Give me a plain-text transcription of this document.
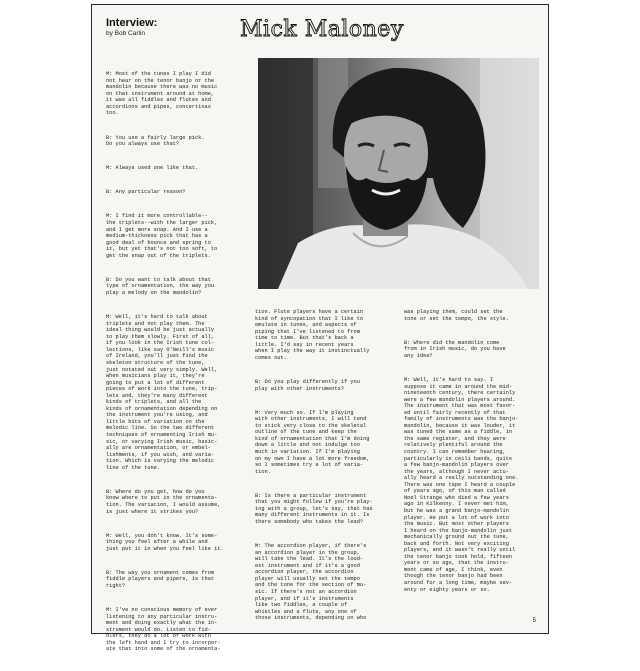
Interview:
by Bob Carlin	Mick Maloney

M: Most of the tunes I play I did
not hear on the tenor banjo or the
mandolin because there was no music
on that instrument around at home,
it was all fiddles and flutes and
accordions and pipes, concertinas
too.

B: You use a fairly large pick.
Do you always use that?

M: Always used one like that.

B: Any particular reason?

M: I find it more controllable--
the triplets--with the larger pick,
and I get more snap. And I use a
medium-thickness pick that has a
good deal of bounce and spring to
it, but yet that's not too soft, to
get the snap out of the triplets.

B: Do you want to talk about that
type of ornamentation, the way you
play a melody on the mandolin?

M: Well, it's hard to talk about
triplets and not play them. The
ideal thing would be just actually
to play them slowly. First of all,
if you look in the Irish tune col-
lections, like say O'Neill's music
of Ireland, you'll just find the
skeleton structure of the tune,
just notated out very simply. Well,
when musicians play it, they're
going to put a lot of different
pieces of work into the tune, trip-
lets and, they're many different
kinds of triplets, and all the
kinds of ornamentation depending on
the instrument you're using, and
little bits of variation on the
melodic line. So the two different
techniques of ornamenting Irish mu-
sic, or varying Irish music, basic-
ally are ornamentation, or embel-
lishments, if you wish, and varia-
tion. Which is varying the melodic
line of the tune.

B: Where do you get, how do you
know where to put in the ornamenta-
tion. The variation, I would assume,
is just where it strikes you?

M: Well, you don't know. It's some-
thing you feel after a while and
just put it in when you feel like it.

B: The way you ornament comes from
fiddle players and pipers, is that
right?

M: I've no conscious memory of ever
listening to any particular instru-
ment and doing exactly what the in-
strument would do. Listen to fid-
dlers, they do a lot of work with
the left hand and I try to incorpor-
ate that into some of the ornamenta-

tion. Flute players have a certain
kind of syncopation that I like to
emulate in tunes, and aspects of
piping that I've listened to from
time to time. But that's back a
little. I'd say in recent years
when I play the way it instinctually
comes out.

B: Do you play differently if you
play with other instruments?

M: Very much so. If I'm playing
with other instruments, I will tend
to stick very close to the skeletal
outline of the tune and keep the
kind of ornamentation that I'm doing
down a little and not indulge too
much in variation. If I'm playing
on my own I have a lot more freedom,
so I sometimes try a lot of varia-
tion.

B: Is there a particular instrument
that you might follow if you're play-
ing with a group, let's say, that has
many different instruments in it. Is
there somebody who takes the lead?

M: The accordion player, if there's
an accordion player in the group,
will take the lead. It's the loud-
est instrument and if it's a good
accordion player, the accordion
player will usually set the tempo
and the tone for the section of mu-
sic. If there's not an accordion
player, and if it's instruments
like two fiddles, a couple of
whistles and a flute, any one of
those instruments, depending on who

was playing them, could set the
tone or set the tempo, the style.

B: Where did the mandolin come
from in Irish music, do you have
any idea?

M: Well, it's hard to say. I
suppose it came in around the mid-
nineteenth century, there certainly
were a few mandolin players around.
The instrument that was most favor-
ed until fairly recently of that
family of instruments was the banjo-
mandolin, because it was louder, it
was tuned the same as a fiddle, in
the same register, and they were
relatively plentiful around the
country. I can remember hearing,
particularly in ceili bands, quite
a few banjo-mandolin players over
the years, although I never actu-
ally heard a really outstanding one.
There was one tape I heard a couple
of years ago, of this man called
Noel Strange who died a few years
ago in Kilkenny. I never met him,
but he was a grand banjo-mandolin
player. He put a lot of work into
the music. But most other players
I heard on the banjo-mandolin just
mechanically ground out the tune,
back and forth. Not very exciting
players, and it wasn't really until
the tenor banjo took hold, fifteen
years or so ago, that the instru-
ment came of age, I think, even
though the tenor banjo had been
around for a long time, maybe sev-
enty or eighty years or so.

5
